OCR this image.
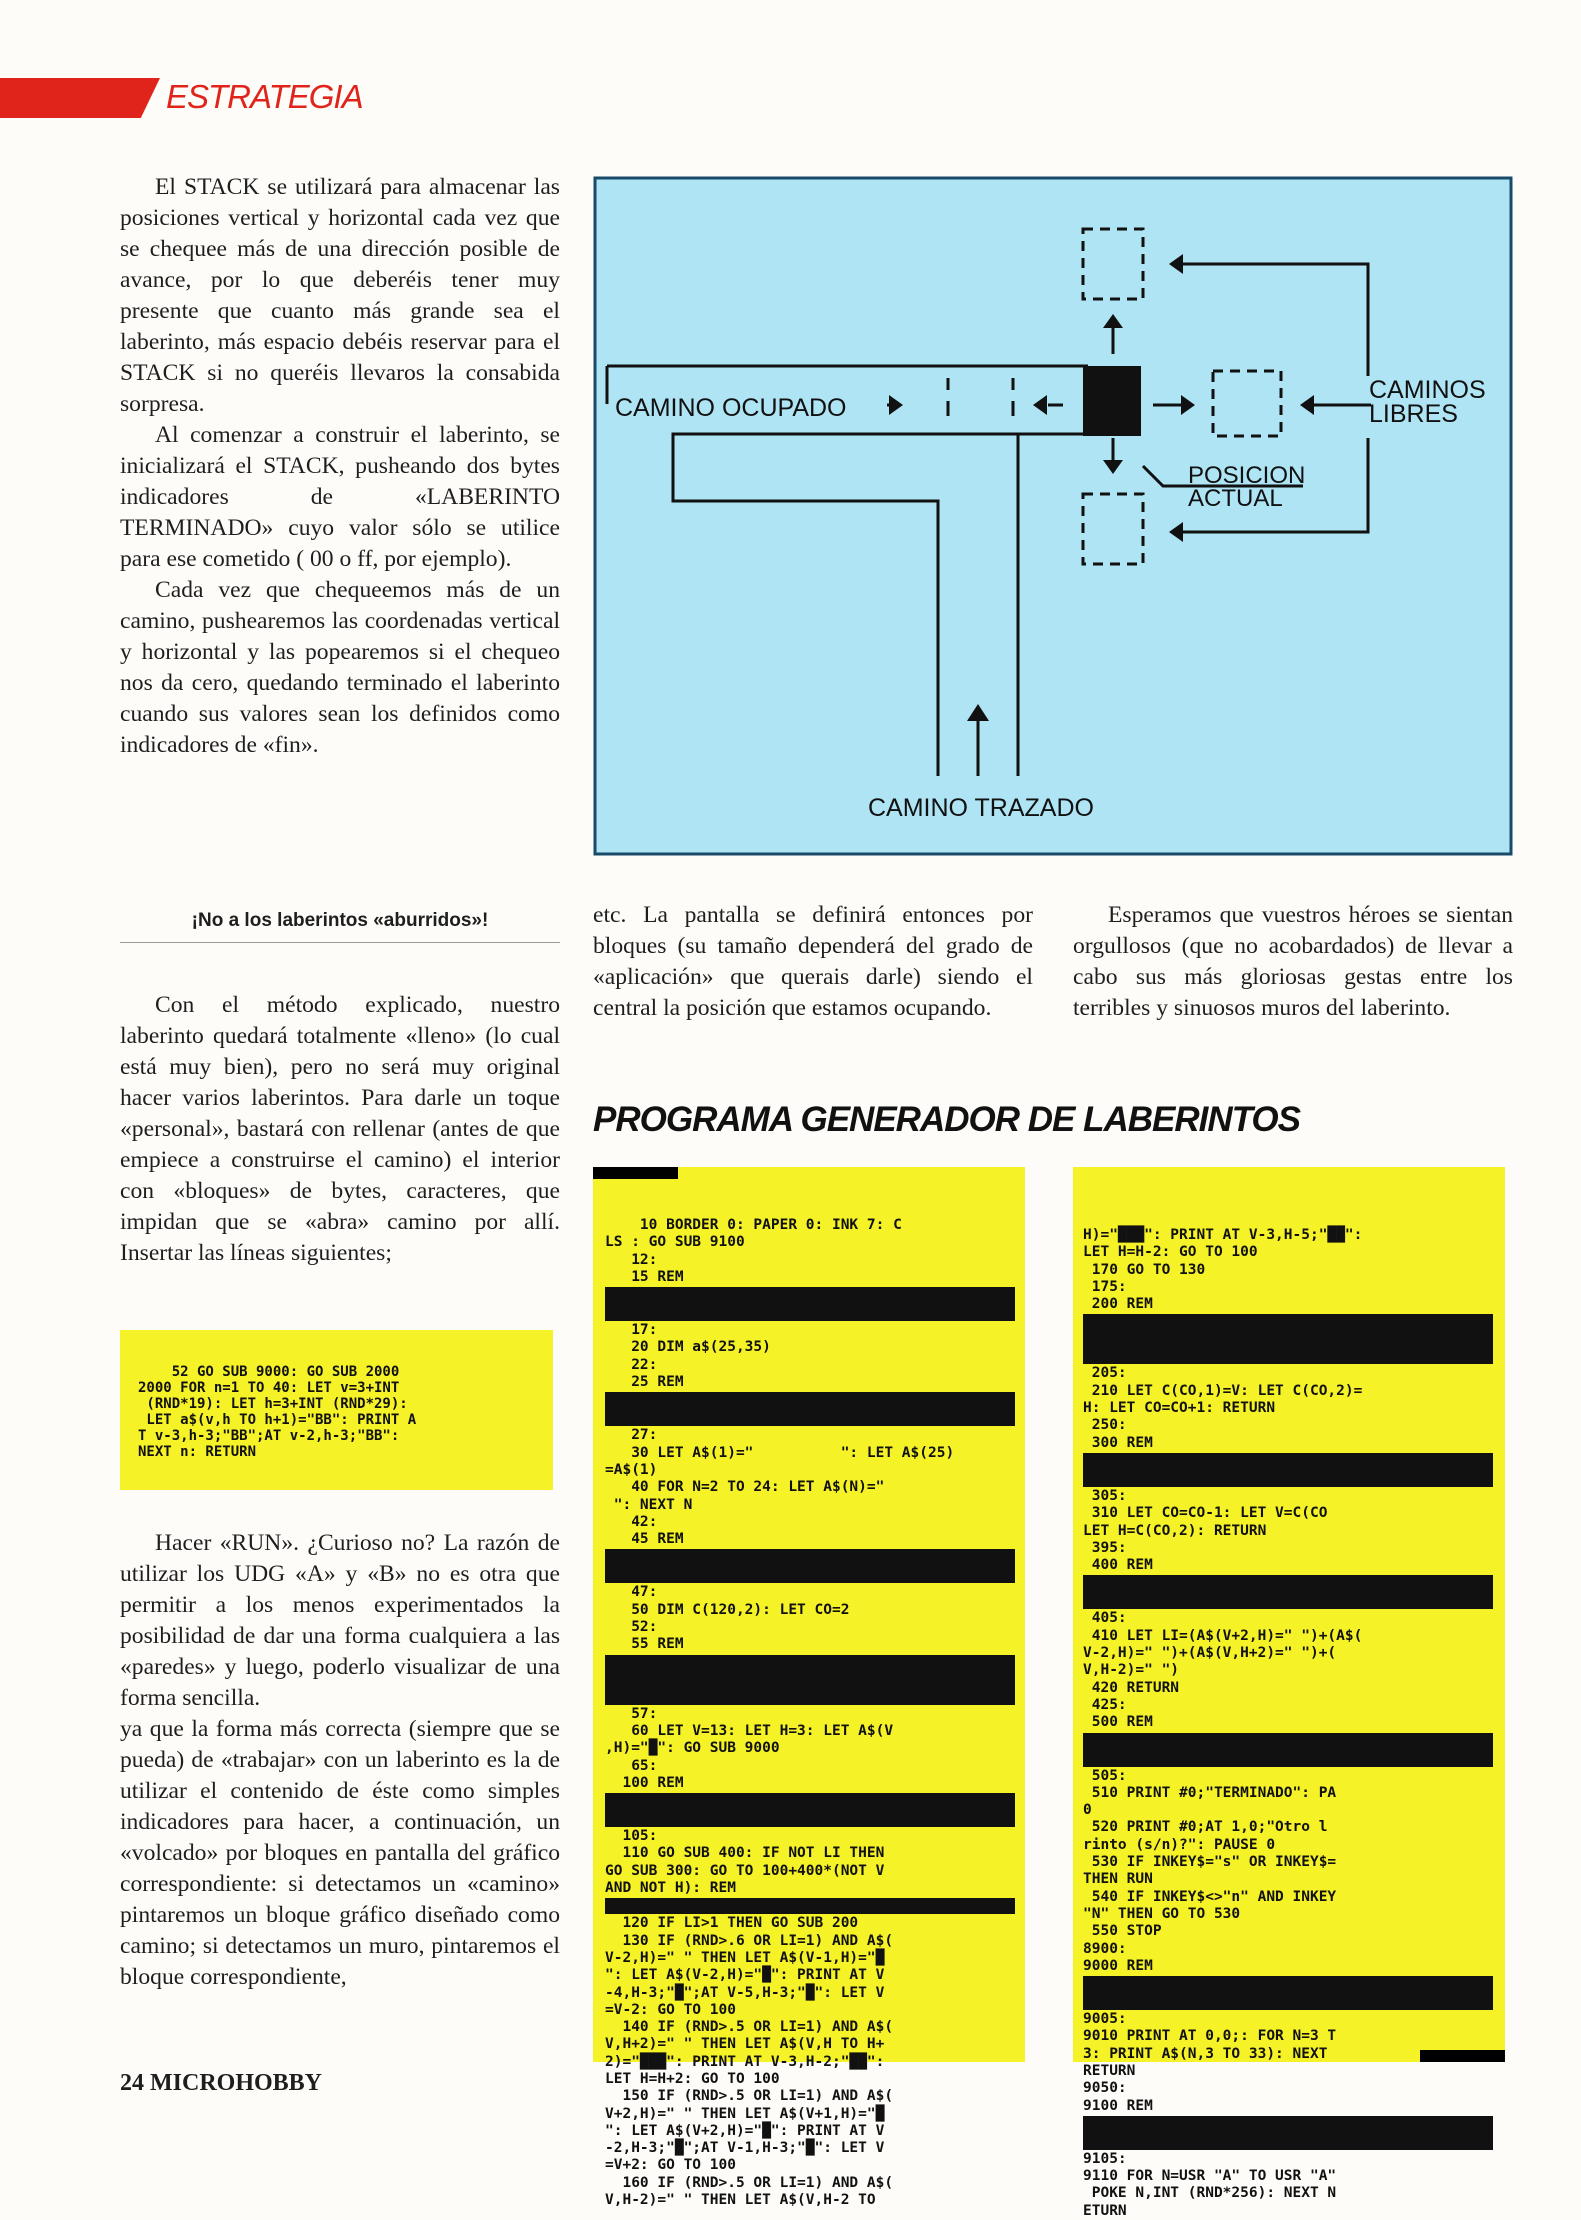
ESTRATEGIA

El STACK se utilizará para almacenar las posiciones vertical y horizontal cada vez que se chequee más de una dirección posible de avance, por lo que deberéis tener muy presente que cuanto más grande sea el laberinto, más espacio debéis reservar para el STACK si no queréis llevaros la consabida sorpresa.

Al comenzar a construir el laberinto, se inicializará el STACK, pusheando dos bytes indicadores de «LABERINTO TERMINADO» cuyo valor sólo se utilice para ese cometido ( 00 o ff, por ejemplo).

Cada vez que chequeemos más de un camino, pushearemos las coordenadas vertical y horizontal y las popearemos si el chequeo nos da cero, quedando terminado el laberinto cuando sus valores sean los definidos como indicadores de «fin».

¡No a los laberintos «aburridos»!

Con el método explicado, nuestro laberinto quedará totalmente «lleno» (lo cual está muy bien), pero no será muy original hacer varios laberintos. Para darle un toque «personal», bastará con rellenar (antes de que empiece a construirse el camino) el interior con «bloques» de bytes, caracteres, que impidan que se «abra» camino por allí. Insertar las líneas siguientes;

52 GO SUB 9000: GO SUB 2000
2000 FOR n=1 TO 40: LET v=3+INT
(RND*19): LET h=3+INT (RND*29):
LET a$(v,h TO h+1)="BB": PRINT A
T v-3,h-3;"BB";AT v-2,h-3;"BB":
NEXT n: RETURN

Hacer «RUN». ¿Curioso no? La razón de utilizar los UDG «A» y «B» no es otra que permitir a los menos experimentados la posibilidad de dar una forma cualquiera a las «paredes» y luego, poderlo visualizar de una forma sencilla.

ya que la forma más correcta (siempre que se pueda) de «trabajar» con un laberinto es la de utilizar el contenido de éste como simples indicadores para hacer, a continuación, un «volcado» por bloques en pantalla del gráfico correspondiente: si detectamos un «camino» pintaremos un bloque gráfico diseñado como camino; si detectamos un muro, pintaremos el bloque correspondiente,

CAMINO OCUPADO
CAMINOS
LIBRES
POSICION
ACTUAL
CAMINO TRAZADO

etc. La pantalla se definirá entonces por bloques (su tamaño dependerá del grado de «aplicación» que querais darle) siendo el central la posición que estamos ocupando.

Esperamos que vuestros héroes se sientan orgullosos (que no acobardados) de llevar a cabo sus más gloriosas gestas entre los terribles y sinuosos muros del laberinto.

PROGRAMA GENERADOR DE LABERINTOS
10 BORDER 0: PAPER 0: INK 7: C
LS : GO SUB 9100
12:
15 REM
17:
20 DIM a$(25,35)
22:
25 REM
27:
30 LET A$(1)="          ": LET A$(25)
=A$(1)
40 FOR N=2 TO 24: LET A$(N)="
": NEXT N
42:
45 REM
47:
50 DIM C(120,2): LET CO=2
52:
55 REM
57:
60 LET V=13: LET H=3: LET A$(V
,H)="█": GO SUB 9000
65:
100 REM
105:
110 GO SUB 400: IF NOT LI THEN
GO SUB 300: GO TO 100+400*(NOT V
AND NOT H): REM
120 IF LI>1 THEN GO SUB 200
130 IF (RND>.6 OR LI=1) AND A$(
V-2,H)=" " THEN LET A$(V-1,H)="█
": LET A$(V-2,H)="█": PRINT AT V
-4,H-3;"█";AT V-5,H-3;"█": LET V
=V-2: GO TO 100
140 IF (RND>.5 OR LI=1) AND A$(
V,H+2)=" " THEN LET A$(V,H TO H+
2)="███": PRINT AT V-3,H-2;"██":
LET H=H+2: GO TO 100
150 IF (RND>.5 OR LI=1) AND A$(
V+2,H)=" " THEN LET A$(V+1,H)="█
": LET A$(V+2,H)="█": PRINT AT V
-2,H-3;"█";AT V-1,H-3;"█": LET V
=V+2: GO TO 100
160 IF (RND>.5 OR LI=1) AND A$(
V,H-2)=" " THEN LET A$(V,H-2 TO
H)="███": PRINT AT V-3,H-5;"██":
LET H=H-2: GO TO 100
170 GO TO 130
175:
200 REM
205:
210 LET C(CO,1)=V: LET C(CO,2)=
H: LET CO=CO+1: RETURN
250:
300 REM
305:
310 LET CO=CO-1: LET V=C(CO
LET H=C(CO,2): RETURN
395:
400 REM
405:
410 LET LI=(A$(V+2,H)=" ")+(A$(
V-2,H)=" ")+(A$(V,H+2)=" ")+(
V,H-2)=" ")
420 RETURN
425:
500 REM
505:
510 PRINT #0;"TERMINADO": PA
0
520 PRINT #0;AT 1,0;"Otro l
rinto (s/n)?": PAUSE 0
530 IF INKEY$="s" OR INKEY$=
THEN RUN
540 IF INKEY$<>"n" AND INKEY
"N" THEN GO TO 530
550 STOP
8900:
9000 REM
9005:
9010 PRINT AT 0,0;: FOR N=3 T
3: PRINT A$(N,3 TO 33): NEXT
RETURN
9050:
9100 REM
9105:
9110 FOR N=USR "A" TO USR "A"
POKE N,INT (RND*256): NEXT N
ETURN
24 MICROHOBBY
